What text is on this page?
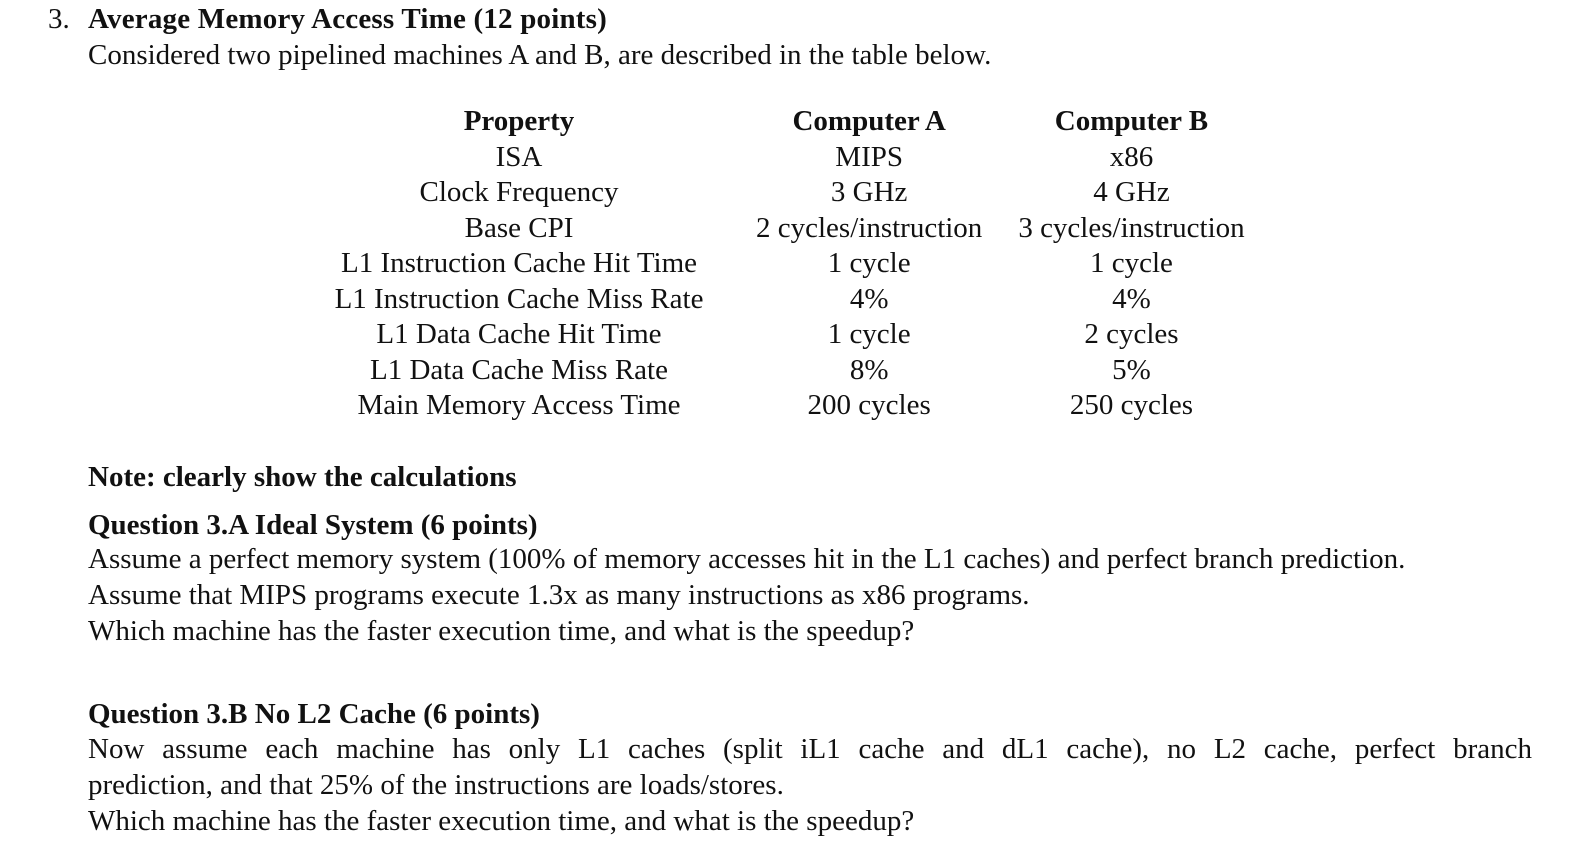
3. Average Memory Access Time (12 points)
Considered two pipelined machines A and B, are described in the table below.
Property	Computer A	Computer B
ISA	MIPS	x86
Clock Frequency	3 GHz	4 GHz
Base CPI	2 cycles/instruction	3 cycles/instruction
L1 Instruction Cache Hit Time	1 cycle	1 cycle
L1 Instruction Cache Miss Rate	4%	4%
L1 Data Cache Hit Time	1 cycle	2 cycles
L1 Data Cache Miss Rate	8%	5%
Main Memory Access Time	200 cycles	250 cycles
Note: clearly show the calculations
Question 3.A Ideal System (6 points)
Assume a perfect memory system (100% of memory accesses hit in the L1 caches) and perfect branch prediction.
Assume that MIPS programs execute 1.3x as many instructions as x86 programs.
Which machine has the faster execution time, and what is the speedup?
Question 3.B No L2 Cache (6 points)
Now assume each machine has only L1 caches (split iL1 cache and dL1 cache), no L2 cache, perfect branch
prediction, and that 25% of the instructions are loads/stores.
Which machine has the faster execution time, and what is the speedup?
